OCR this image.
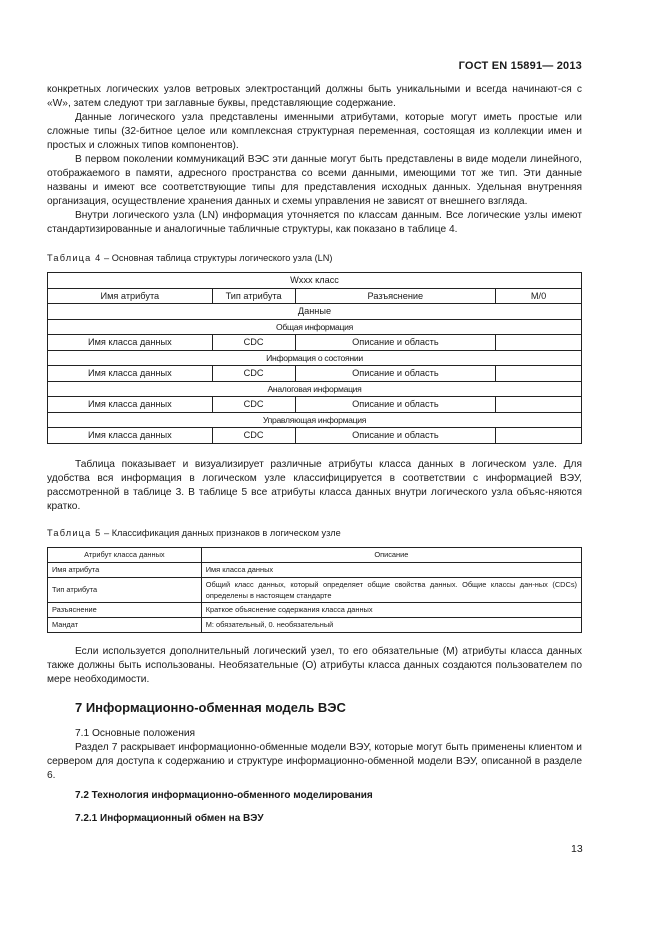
ГОСТ EN 15891— 2013

конкретных логических узлов ветровых электростанций должны быть уникальными и всегда начинают-ся с «W», затем следуют три заглавные буквы, представляющие содержание.

Данные логического узла представлены именными атрибутами, которые могут иметь простые или сложные типы (32-битное целое или комплексная структурная переменная, состоящая из коллекции имен и простых и сложных типов компонентов).

В первом поколении коммуникаций ВЭС эти данные могут быть представлены в виде модели линейного, отображаемого в памяти, адресного пространства со всеми данными, имеющими тот же тип. Эти данные названы и имеют все соответствующие типы для представления исходных данных. Удельная внутренняя организация, осуществление хранения данных и схемы управления не зависят от внешнего взгляда.

Внутри логического узла (LN) информация уточняется по классам данным. Все логические узлы имеют стандартизированные и аналогичные табличные структуры, как показано в таблице 4.

Таблица 4 – Основная таблица структуры логического узла (LN)
Wxxx класс			
Имя атрибута	Тип атрибута	Разъяснение	М/0
Данные			
Общая информация			
Имя класса данных	CDC	Описание и область	
Информация о состоянии			
Имя класса данных	CDC	Описание и область	
Аналоговая информация			
Имя класса данных	CDC	Описание и область	
Управляющая информация			
Имя класса данных	CDC	Описание и область	

Таблица показывает и визуализирует различные атрибуты класса данных в логическом узле. Для удобства вся информация в логическом узле классифицируется в соответствии с информацией ВЭУ, рассмотренной в таблице 3. В таблице 5 все атрибуты класса данных внутри логического узла объяс-няются кратко.

Таблица 5 – Классификация данных признаков в логическом узле
Атрибут класса данных	Описание
Имя атрибута	Имя класса данных
Тип атрибута	Общий класс данных, который определяет общие свойства данных. Общие классы дан-ных (CDCs) определены в настоящем стандарте
Разъяснение	Краткое объяснение содержания класса данных
Мандат	М: обязательный, 0. необязательный

Если используется дополнительный логический узел, то его обязательные (М) атрибуты класса данных также должны быть использованы. Необязательные (О) атрибуты класса данных создаются пользователем по мере необходимости.

7 Информационно-обменная модель ВЭС

7.1 Основные положения

Раздел 7 раскрывает информационно-обменные модели ВЭУ, которые могут быть применены клиентом и сервером для доступа к содержанию и структуре информационно-обменной модели ВЭУ, описанной в разделе 6.

7.2 Технология информационно-обменного моделирования
7.2.1 Информационный обмен на ВЭУ
13
